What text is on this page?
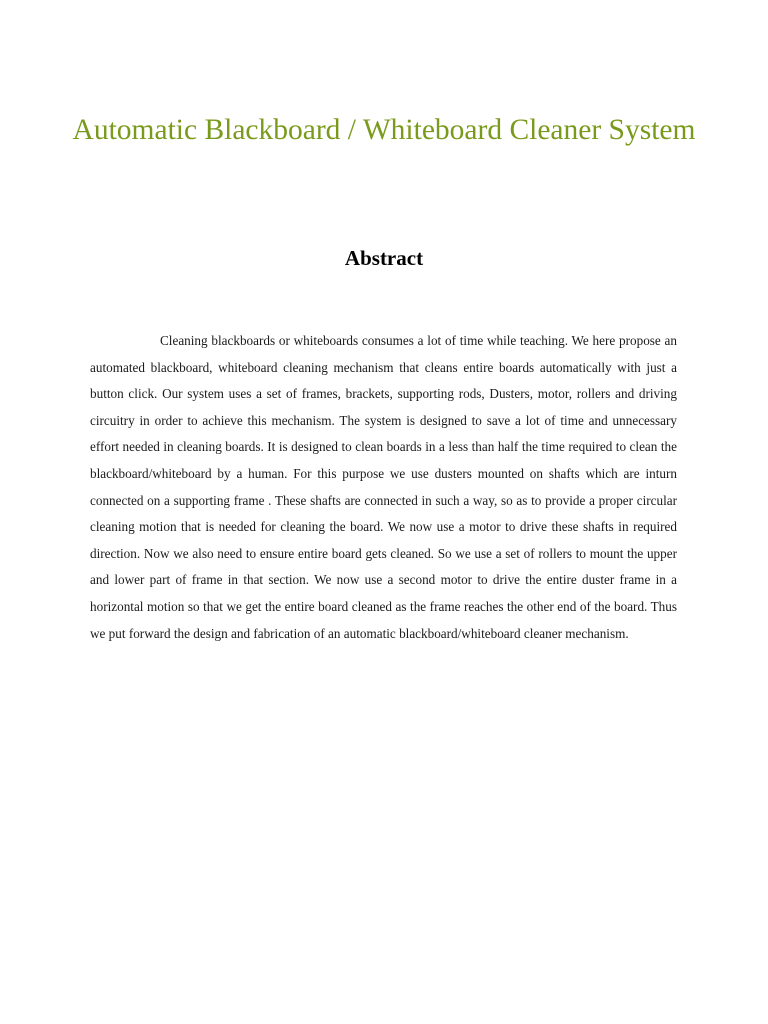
Automatic Blackboard / Whiteboard Cleaner System
Abstract

Cleaning blackboards or whiteboards consumes a lot of time while teaching. We here propose an automated blackboard, whiteboard cleaning mechanism that cleans entire boards automatically with just a button click. Our system uses a set of frames, brackets, supporting rods, Dusters, motor, rollers and driving circuitry in order to achieve this mechanism. The system is designed to save a lot of time and unnecessary effort needed in cleaning boards. It is designed to clean boards in a less than half the time required to clean the blackboard/whiteboard by a human. For this purpose we use dusters mounted on shafts which are inturn connected on a supporting frame . These shafts are connected in such a way, so as to provide a proper circular cleaning motion that is needed for cleaning the board. We now use a motor to drive these shafts in required direction. Now we also need to ensure entire board gets cleaned. So we use a set of rollers to mount the upper and lower part of frame in that section. We now use a second motor to drive the entire duster frame in a horizontal motion so that we get the entire board cleaned as the frame reaches the other end of the board. Thus we put forward the design and fabrication of an automatic blackboard/whiteboard cleaner mechanism.
